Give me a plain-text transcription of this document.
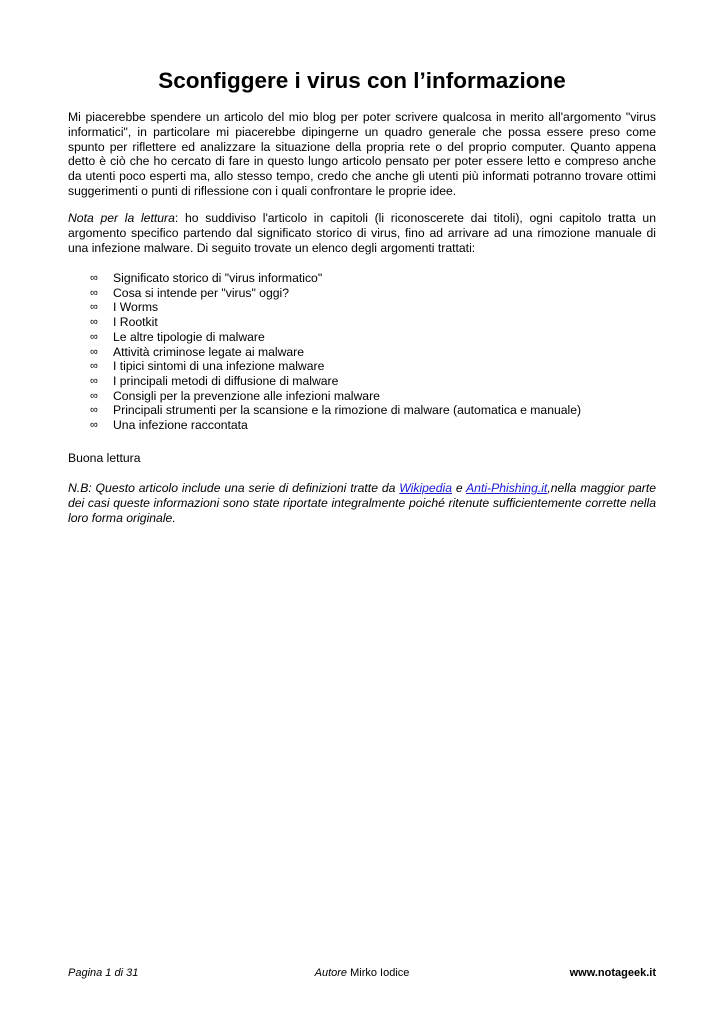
Sconfiggere i virus con l’informazione

Mi piacerebbe spendere un articolo del mio blog per poter scrivere qualcosa in merito all'argomento "virus informatici", in particolare mi piacerebbe dipingerne un quadro generale che possa essere preso come spunto per riflettere ed analizzare la situazione della propria rete o del proprio computer. Quanto appena detto è ciò che ho cercato di fare in questo lungo articolo pensato per poter essere letto e compreso anche da utenti poco esperti ma, allo stesso tempo, credo che anche gli utenti più informati potranno trovare ottimi suggerimenti o punti di riflessione con i quali confrontare le proprie idee.

Nota per la lettura: ho suddiviso l'articolo in capitoli (li riconoscerete dai titoli), ogni capitolo tratta un argomento specifico partendo dal significato storico di virus, fino ad arrivare ad una rimozione manuale di una infezione malware. Di seguito trovate un elenco degli argomenti trattati:

∞ Significato storico di "virus informatico"
∞ Cosa si intende per "virus" oggi?
∞ I Worms
∞ I Rootkit
∞ Le altre tipologie di malware
∞ Attività criminose legate ai malware
∞ I tipici sintomi di una infezione malware
∞ I principali metodi di diffusione di malware
∞ Consigli per la prevenzione alle infezioni malware
∞ Principali strumenti per la scansione e la rimozione di malware (automatica e manuale)
∞ Una infezione raccontata

Buona lettura

N.B: Questo articolo include una serie di definizioni tratte da Wikipedia e Anti-Phishing.it,nella maggior parte dei casi queste informazioni sono state riportate integralmente poiché ritenute sufficientemente corrette nella loro forma originale.

Pagina 1 di 31	Autore Mirko Iodice	www.notageek.it
